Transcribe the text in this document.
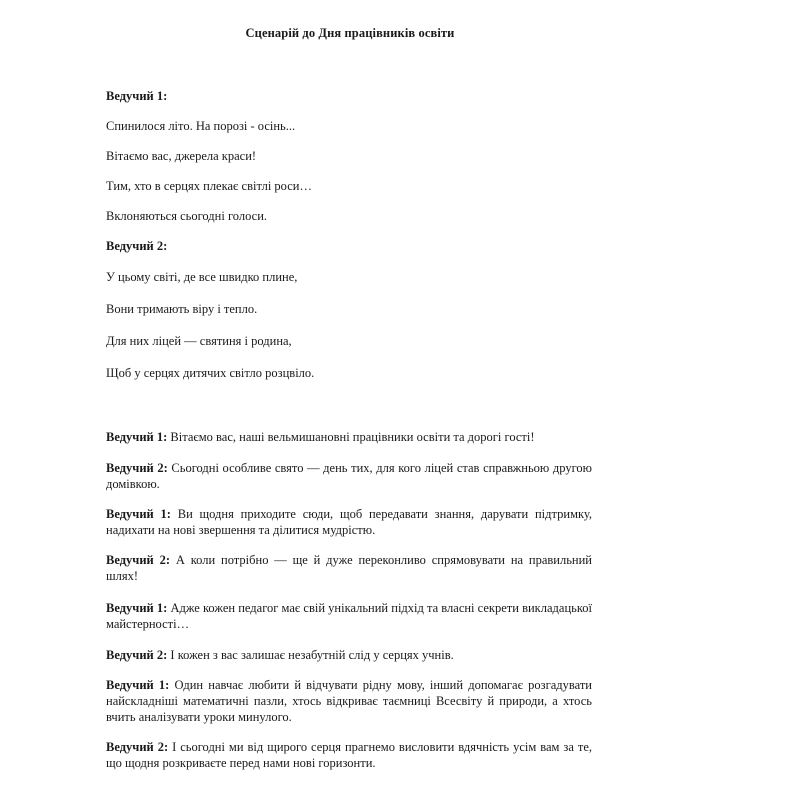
Сценарій до Дня працівників освіти
Ведучий 1:
Спинилося літо. На порозі - осінь...
Вітаємо вас, джерела краси!
Тим, хто в серцях плекає світлі роси…
Вклоняються сьогодні голоси.
Ведучий 2:
У цьому світі, де все швидко плине,
Вони тримають віру і тепло.
Для них ліцей — святиня і родина,
Щоб у серцях дитячих світло розцвіло.
Ведучий 1: Вітаємо вас, наші вельмишановні працівники освіти та дорогі гості!
Ведучий 2: Сьогодні особливе свято — день тих, для кого ліцей став справжньою другою домівкою.
Ведучий 1: Ви щодня приходите сюди, щоб передавати знання, дарувати підтримку, надихати на нові звершення та ділитися мудрістю.
Ведучий 2: А коли потрібно — ще й дуже переконливо спрямовувати на правильний шлях!
Ведучий 1: Адже кожен педагог має свій унікальний підхід та власні секрети викладацької майстерності…
Ведучий 2: І кожен з вас залишає незабутній слід у серцях учнів.
Ведучий 1: Один навчає любити й відчувати рідну мову, інший допомагає розгадувати найскладніші математичні пазли, хтось відкриває таємниці Всесвіту й природи, а хтось вчить аналізувати уроки минулого.
Ведучий 2: І сьогодні ми від щирого серця прагнемо висловити вдячність усім вам за те, що щодня розкриваєте перед нами нові горизонти.
